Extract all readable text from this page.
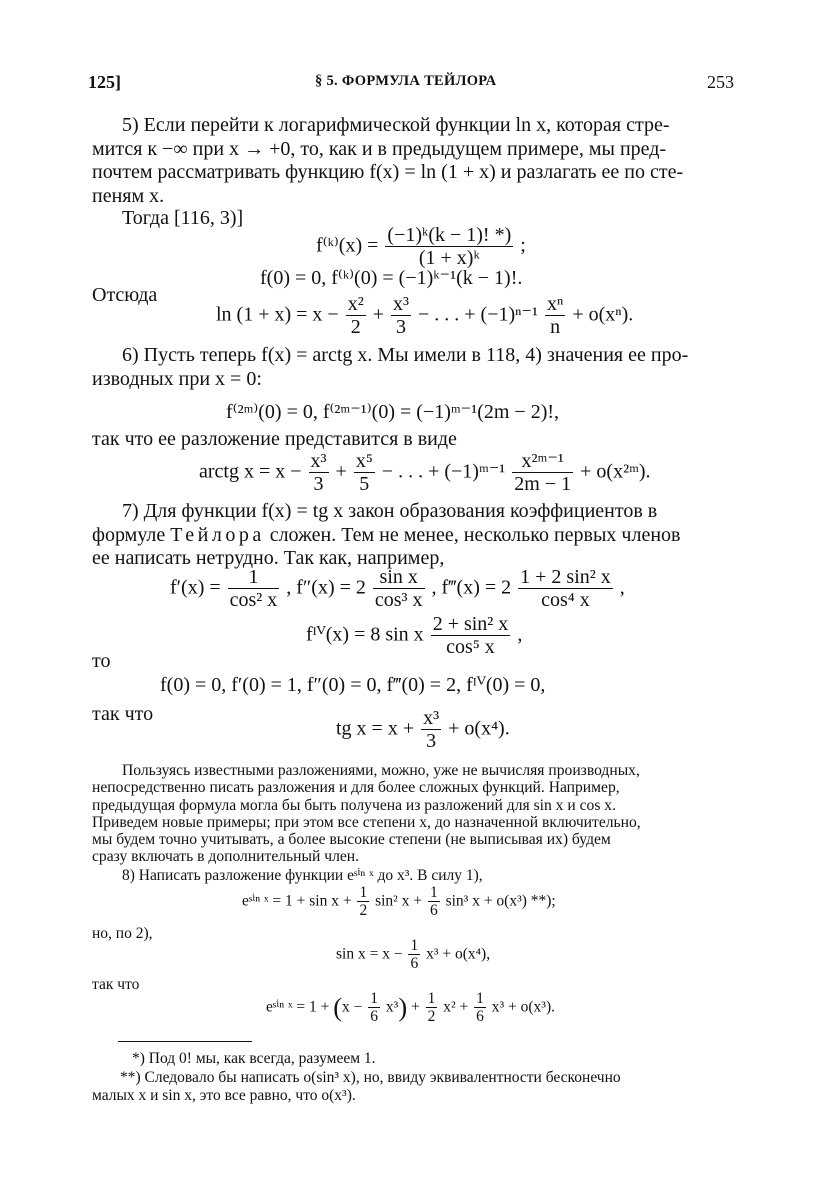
125]	§ 5. ФОРМУЛА ТЕЙЛОРА	253
5) Если перейти к логарифмической функции ln x, которая стре-
мится к −∞ при x → +0, то, как и в предыдущем примере, мы пред-
почтем рассматривать функцию f(x) = ln (1 + x) и разлагать ее по сте-
пеням x.
Тогда [116, 3)]
f⁽ᵏ⁾(x) = $\frac{\text{(−1)ᵏ(k − 1)! *)}}{\text{(1 + x)ᵏ}}$ ;
f(0) = 0, f⁽ᵏ⁾(0) = (−1)ᵏ⁻¹(k − 1)!.
Отсюда
$\ln (1 + x) = x - \frac{\text{x²}}{2} + \frac{\text{x³}}{3}$ − . . . + $(-1)^{n-1} \frac{\text{xⁿ}}{n} + o(x^n)$.
6) Пусть теперь f(x) = arctg x. Мы имели в 118, 4) значения ее про-
изводных при x = 0:
f⁽²ᵐ⁾(0) = 0, f⁽²ᵐ⁻¹⁾(0) = (−1)ᵐ⁻¹(2m − 2)!,
так что ее разложение представится в виде
arctg $x = x - \frac{\text{x³}}{3} + \frac{\text{x⁵}}{5}$ − . . . + (−1)ᵐ⁻¹ $\frac{\text{x²ᵐ⁻¹}}{2m - 1}$ + o(x²ᵐ).
7) Для функции f(x) = tg x закон образования коэффициентов в
формуле Тейлора сложен. Тем не менее, несколько первых членов
ее написать нетрудно. Так как, например,
$f'(x) = \frac{1}{\text{cos² x}}$ , $f''(x) = 2 \frac{\text{sin x}}{\text{cos³ x}}$ , f‴(x) = $2 \frac{\text{1 + 2 sin² x}}{\text{cos⁴ x}}$ ,
fᴵⱽ(x) = 8 sin x $\frac{\text{2 + sin² x}}{\text{cos⁵ x}}$ ,
то
f(0) = 0, f′(0) = 1, f″(0) = 0, f‴(0) = 2, fᴵⱽ(0) = 0,
так что
tg $x = x + \frac{\text{x³}}{3} + o(x^4)$.
Пользуясь известными разложениями, можно, уже не вычисляя производных,
непосредственно писать разложения и для более сложных функций. Например,
предыдущая формула могла бы быть получена из разложений для sin x и cos x.
Приведем новые примеры; при этом все степени x, до назначенной включительно,
мы будем точно учитывать, а более высокие степени (не выписывая их) будем
сразу включать в дополнительный член.
8) Написать разложение функции eˢⁱⁿ ˣ до x³. В силу 1),
eˢⁱⁿ ˣ = $1 + \sin x + \frac{1}{2} \sin^2$ $x + \frac{1}{6} \sin^3$ x + o(x³) **);
но, по 2),
$\sin x = x - \frac{1}{6} x^3 + o(x^4)$,
так что
eˢⁱⁿ ˣ = $1 + (x - \frac{1}{6} x^3) + \frac{1}{2} x^2 + \frac{1}{6} x^3 + o(x^3)$.
*) Под 0! мы, как всегда, разумеем 1.
**) Следовало бы написать o(sin³ x), но, ввиду эквивалентности бесконечно
малых x и sin x, это все равно, что o(x³).
